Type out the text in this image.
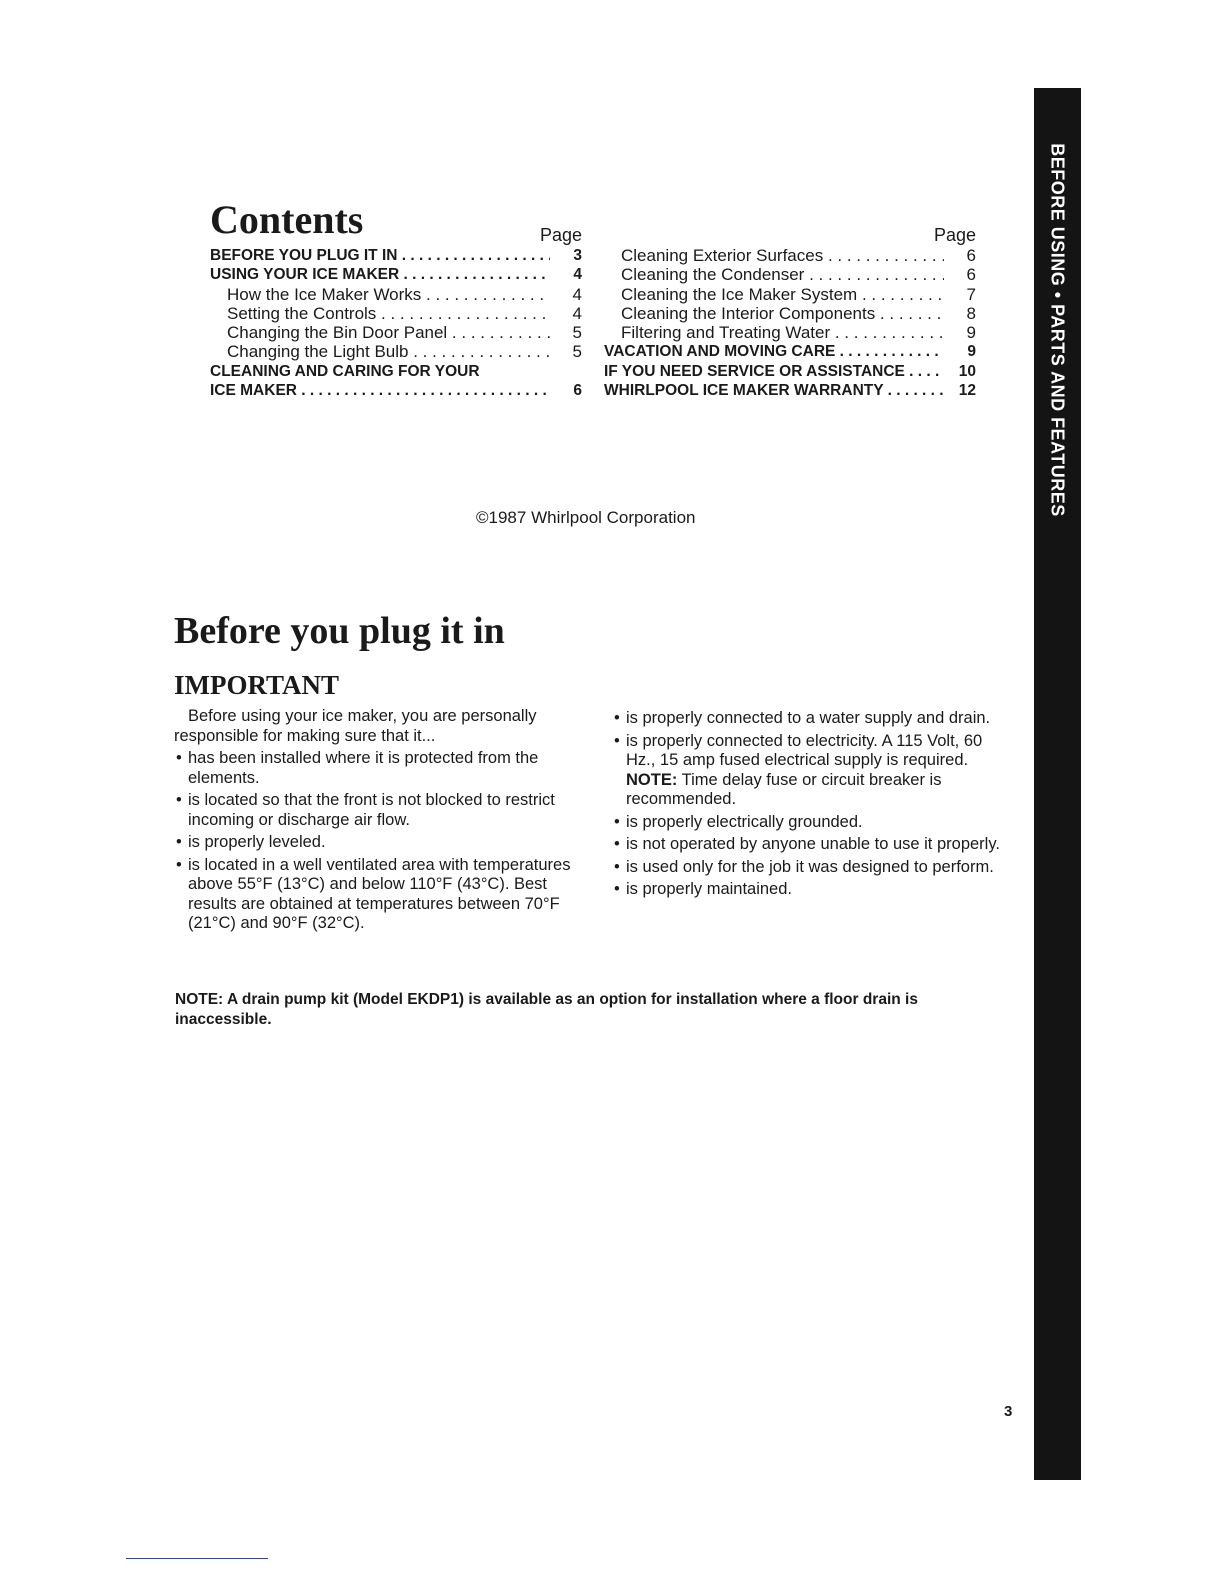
BEFORE USING • PARTS AND FEATURES
Contents	Page
BEFORE YOU PLUG IT IN . . .	3
USING YOUR ICE MAKER . . .	4
How the Ice Maker Works . . .	4
Setting the Controls . . .	4
Changing the Bin Door Panel . . .	5
Changing the Light Bulb . . .	5
CLEANING AND CARING FOR YOUR
ICE MAKER . . .	6
Page
Cleaning Exterior Surfaces . . .	6
Cleaning the Condenser . . .	6
Cleaning the Ice Maker System . . .	7
Cleaning the Interior Components . . .	8
Filtering and Treating Water . . .	9
VACATION AND MOVING CARE . . .	9
IF YOU NEED SERVICE OR ASSISTANCE . . .	10
WHIRLPOOL ICE MAKER WARRANTY . . .	12
©1987 Whirlpool Corporation
Before you plug it in
IMPORTANT

Before using your ice maker, you are personally responsible for making sure that it...

• has been installed where it is protected from the elements.
• is located so that the front is not blocked to restrict incoming or discharge air flow.
• is properly leveled.
• is located in a well ventilated area with temperatures above 55°F (13°C) and below 110°F (43°C). Best results are obtained at temperatures between 70°F (21°C) and 90°F (32°C).
• is properly connected to a water supply and drain.
• is properly connected to electricity. A 115 Volt, 60 Hz., 15 amp fused electrical supply is required. NOTE: Time delay fuse or circuit breaker is recommended.
• is properly electrically grounded.
• is not operated by anyone unable to use it properly.
• is used only for the job it was designed to perform.
• is properly maintained.
NOTE: A drain pump kit (Model EKDP1) is available as an option for installation where a floor drain is inaccessible.
3
